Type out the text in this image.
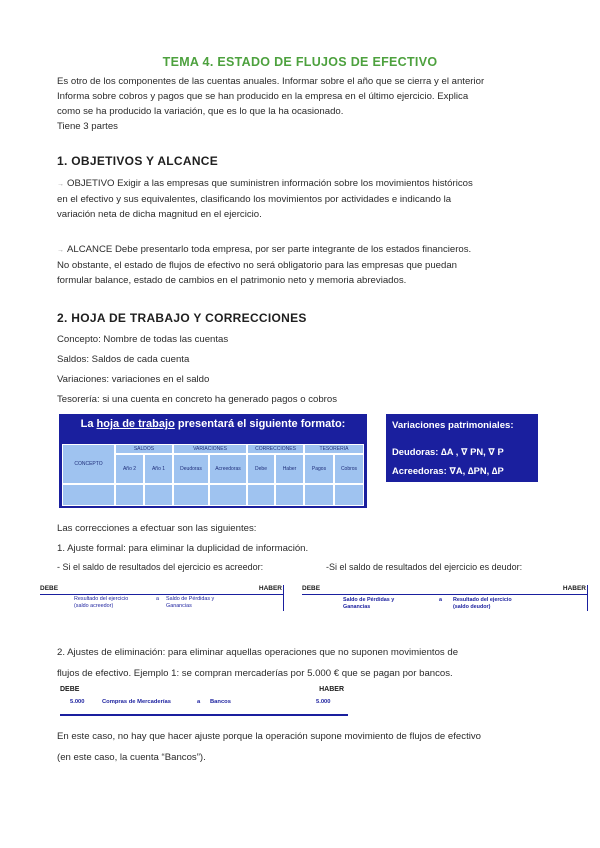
TEMA 4. ESTADO DE FLUJOS DE EFECTIVO
Es otro de los componentes de las cuentas anuales. Informar sobre el año que se cierra y el anterior
Informa sobre cobros y pagos que se han producido en la empresa en el último ejercicio. Explica
como se ha producido la variación, que es lo que la ha ocasionado.
Tiene 3 partes
1. OBJETIVOS Y ALCANCE
→ OBJETIVO Exigir a las empresas que suministren información sobre los movimientos históricos
en el efectivo y sus equivalentes, clasificando los movimientos por actividades e indicando la
variación neta de dicha magnitud en el ejercicio.
→ ALCANCE Debe presentarlo toda empresa, por ser parte integrante de los estados financieros.
No obstante, el estado de flujos de efectivo no será obligatorio para las empresas que puedan
formular balance, estado de cambios en el patrimonio neto y memoria abreviados.
2. HOJA DE TRABAJO Y CORRECCIONES
Concepto: Nombre de todas las cuentas
Saldos: Saldos de cada cuenta
Variaciones: variaciones en el saldo
Tesorería: si una cuenta en concreto ha generado pagos o cobros
La hoja de trabajo presentará el siguiente formato:
CONCEPTO
SALDOS	VARIACIONES	CORRECCIONES	TESORERIA
Año 2	Año 1	Deudoras	Acreedoras	Debe	Haber	Pagos	Cobros
Variaciones patrimoniales:
Deudoras: ∆A , ∇ PN, ∇ P
Acreedoras: ∇A, ∆PN, ∆P
Las correcciones a efectuar son las siguientes:
1. Ajuste formal: para eliminar la duplicidad de información.
- Si el saldo de resultados del ejercicio es acreedor:	-Si el saldo de resultados del ejercicio es deudor:
DEBE	HABER
Resultado del ejercicio
(saldo acreedor)
a Saldo de Pérdidas y
Ganancias
DEBE	HABER
Saldo de Pérdidas y
Ganancias
a Resultado del ejercicio
(saldo deudor)
2. Ajustes de eliminación: para eliminar aquellas operaciones que no suponen movimientos de
flujos de efectivo. Ejemplo 1: se compran mercaderías por 5.000 € que se pagan por bancos.
DEBE	HABER
5.000	Compras de Mercaderías	a Bancos	5.000
En este caso, no hay que hacer ajuste porque la operación supone movimiento de flujos de efectivo
(en este caso, la cuenta “Bancos”).
